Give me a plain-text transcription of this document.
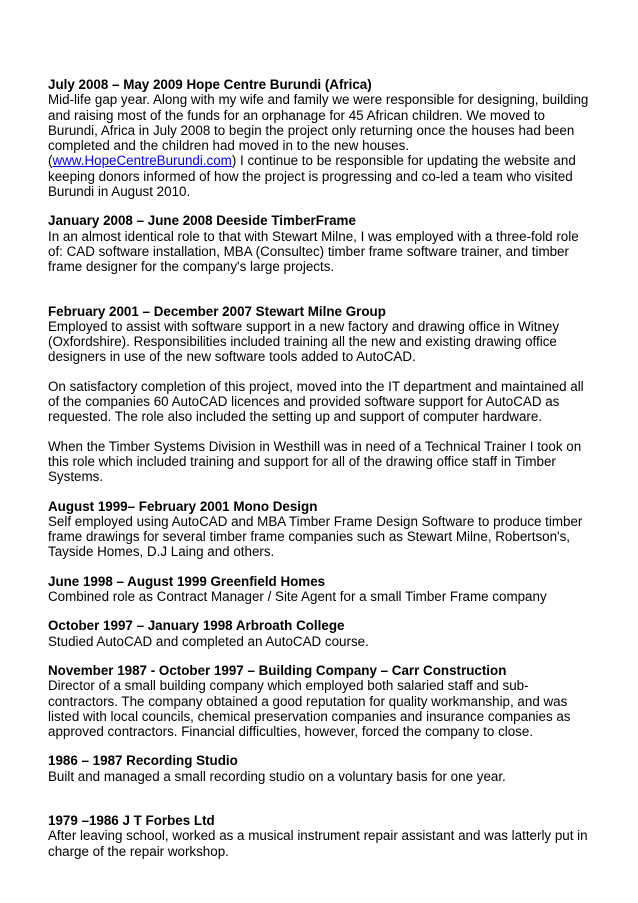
July 2008 – May 2009 Hope Centre Burundi (Africa)
Mid-life gap year. Along with my wife and family we were responsible for designing, building and raising most of the funds for an orphanage for 45 African children. We moved to Burundi, Africa in July 2008 to begin the project only returning once the houses had been completed and the children had moved in to the new houses. (www.HopeCentreBurundi.com) I continue to be responsible for updating the website and keeping donors informed of how the project is progressing and co-led a team who visited Burundi in August 2010.
January 2008 – June 2008 Deeside TimberFrame
In an almost identical role to that with Stewart Milne, I was employed with a three-fold role of: CAD software installation, MBA (Consultec) timber frame software trainer, and timber frame designer for the company's large projects.
February 2001 – December 2007 Stewart Milne Group
Employed to assist with software support in a new factory and drawing office in Witney (Oxfordshire). Responsibilities included training all the new and existing drawing office designers in use of the new software tools added to AutoCAD.
On satisfactory completion of this project, moved into the IT department and maintained all of the companies 60 AutoCAD licences and provided software support for AutoCAD as requested. The role also included the setting up and support of computer hardware.
When the Timber Systems Division in Westhill was in need of a Technical Trainer I took on this role which included training and support for all of the drawing office staff in Timber Systems.
August 1999– February 2001 Mono Design
Self employed using AutoCAD and MBA Timber Frame Design Software to produce timber frame drawings for several timber frame companies such as Stewart Milne, Robertson's, Tayside Homes, D.J Laing and others.
June 1998 – August 1999 Greenfield Homes
Combined role as Contract Manager / Site Agent for a small Timber Frame company
October 1997 – January 1998 Arbroath College
Studied AutoCAD and completed an AutoCAD course.
November 1987 - October 1997 – Building Company – Carr Construction
Director of a small building company which employed both salaried staff and sub-contractors. The company obtained a good reputation for quality workmanship, and was listed with local councils, chemical preservation companies and insurance companies as approved contractors. Financial difficulties, however, forced the company to close.
1986 – 1987 Recording Studio
Built and managed a small recording studio on a voluntary basis for one year.
1979 –1986 J T Forbes Ltd
After leaving school, worked as a musical instrument repair assistant and was latterly put in charge of the repair workshop.
